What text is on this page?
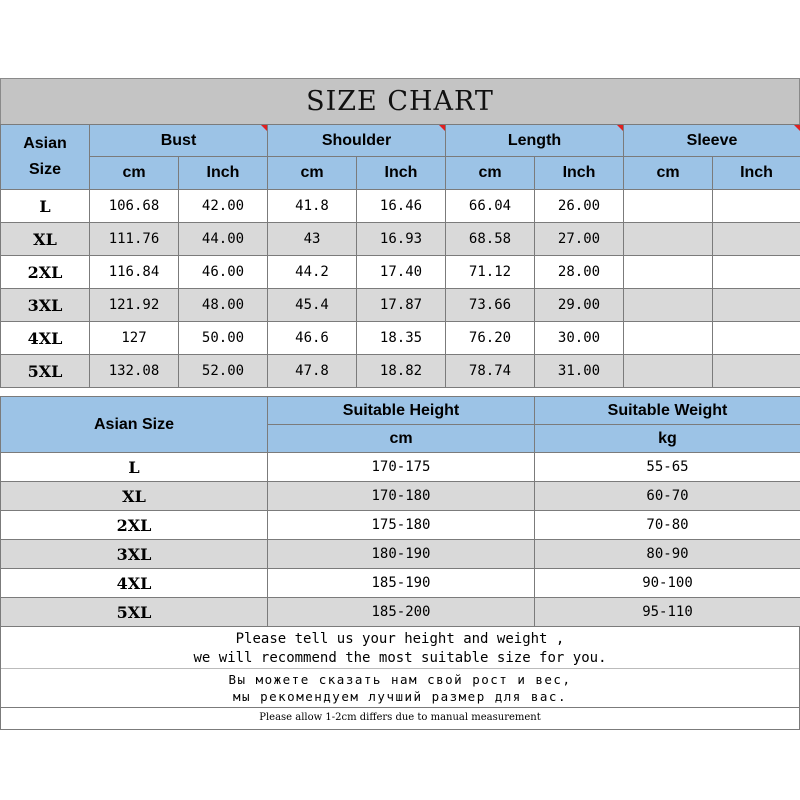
SIZE CHART
Asian
Size	Bust		Shoulder		Length		Sleeve	

	cm	Inch	cm	Inch	cm	Inch	cm	Inch
L	106.68	42.00	41.8	16.46	66.04	26.00		
XL	111.76	44.00	43	16.93	68.58	27.00		
2XL	116.84	46.00	44.2	17.40	71.12	28.00		
3XL	121.92	48.00	45.4	17.87	73.66	29.00		
4XL	127	50.00	46.6	18.35	76.20	30.00		
5XL	132.08	52.00	47.8	18.82	78.74	31.00		
Asian Size	Suitable Height	Suitable Weight
	cm	kg
L	170-175	55-65
XL	170-180	60-70
2XL	175-180	70-80
3XL	180-190	80-90
4XL	185-190	90-100
5XL	185-200	95-110
Please tell us your height and weight ,
we will recommend the most suitable size for you.
Вы можете сказать нам свой рост и вес,
мы рекомендуем лучший размер для вас.
Please allow 1-2cm differs due to manual measurement
